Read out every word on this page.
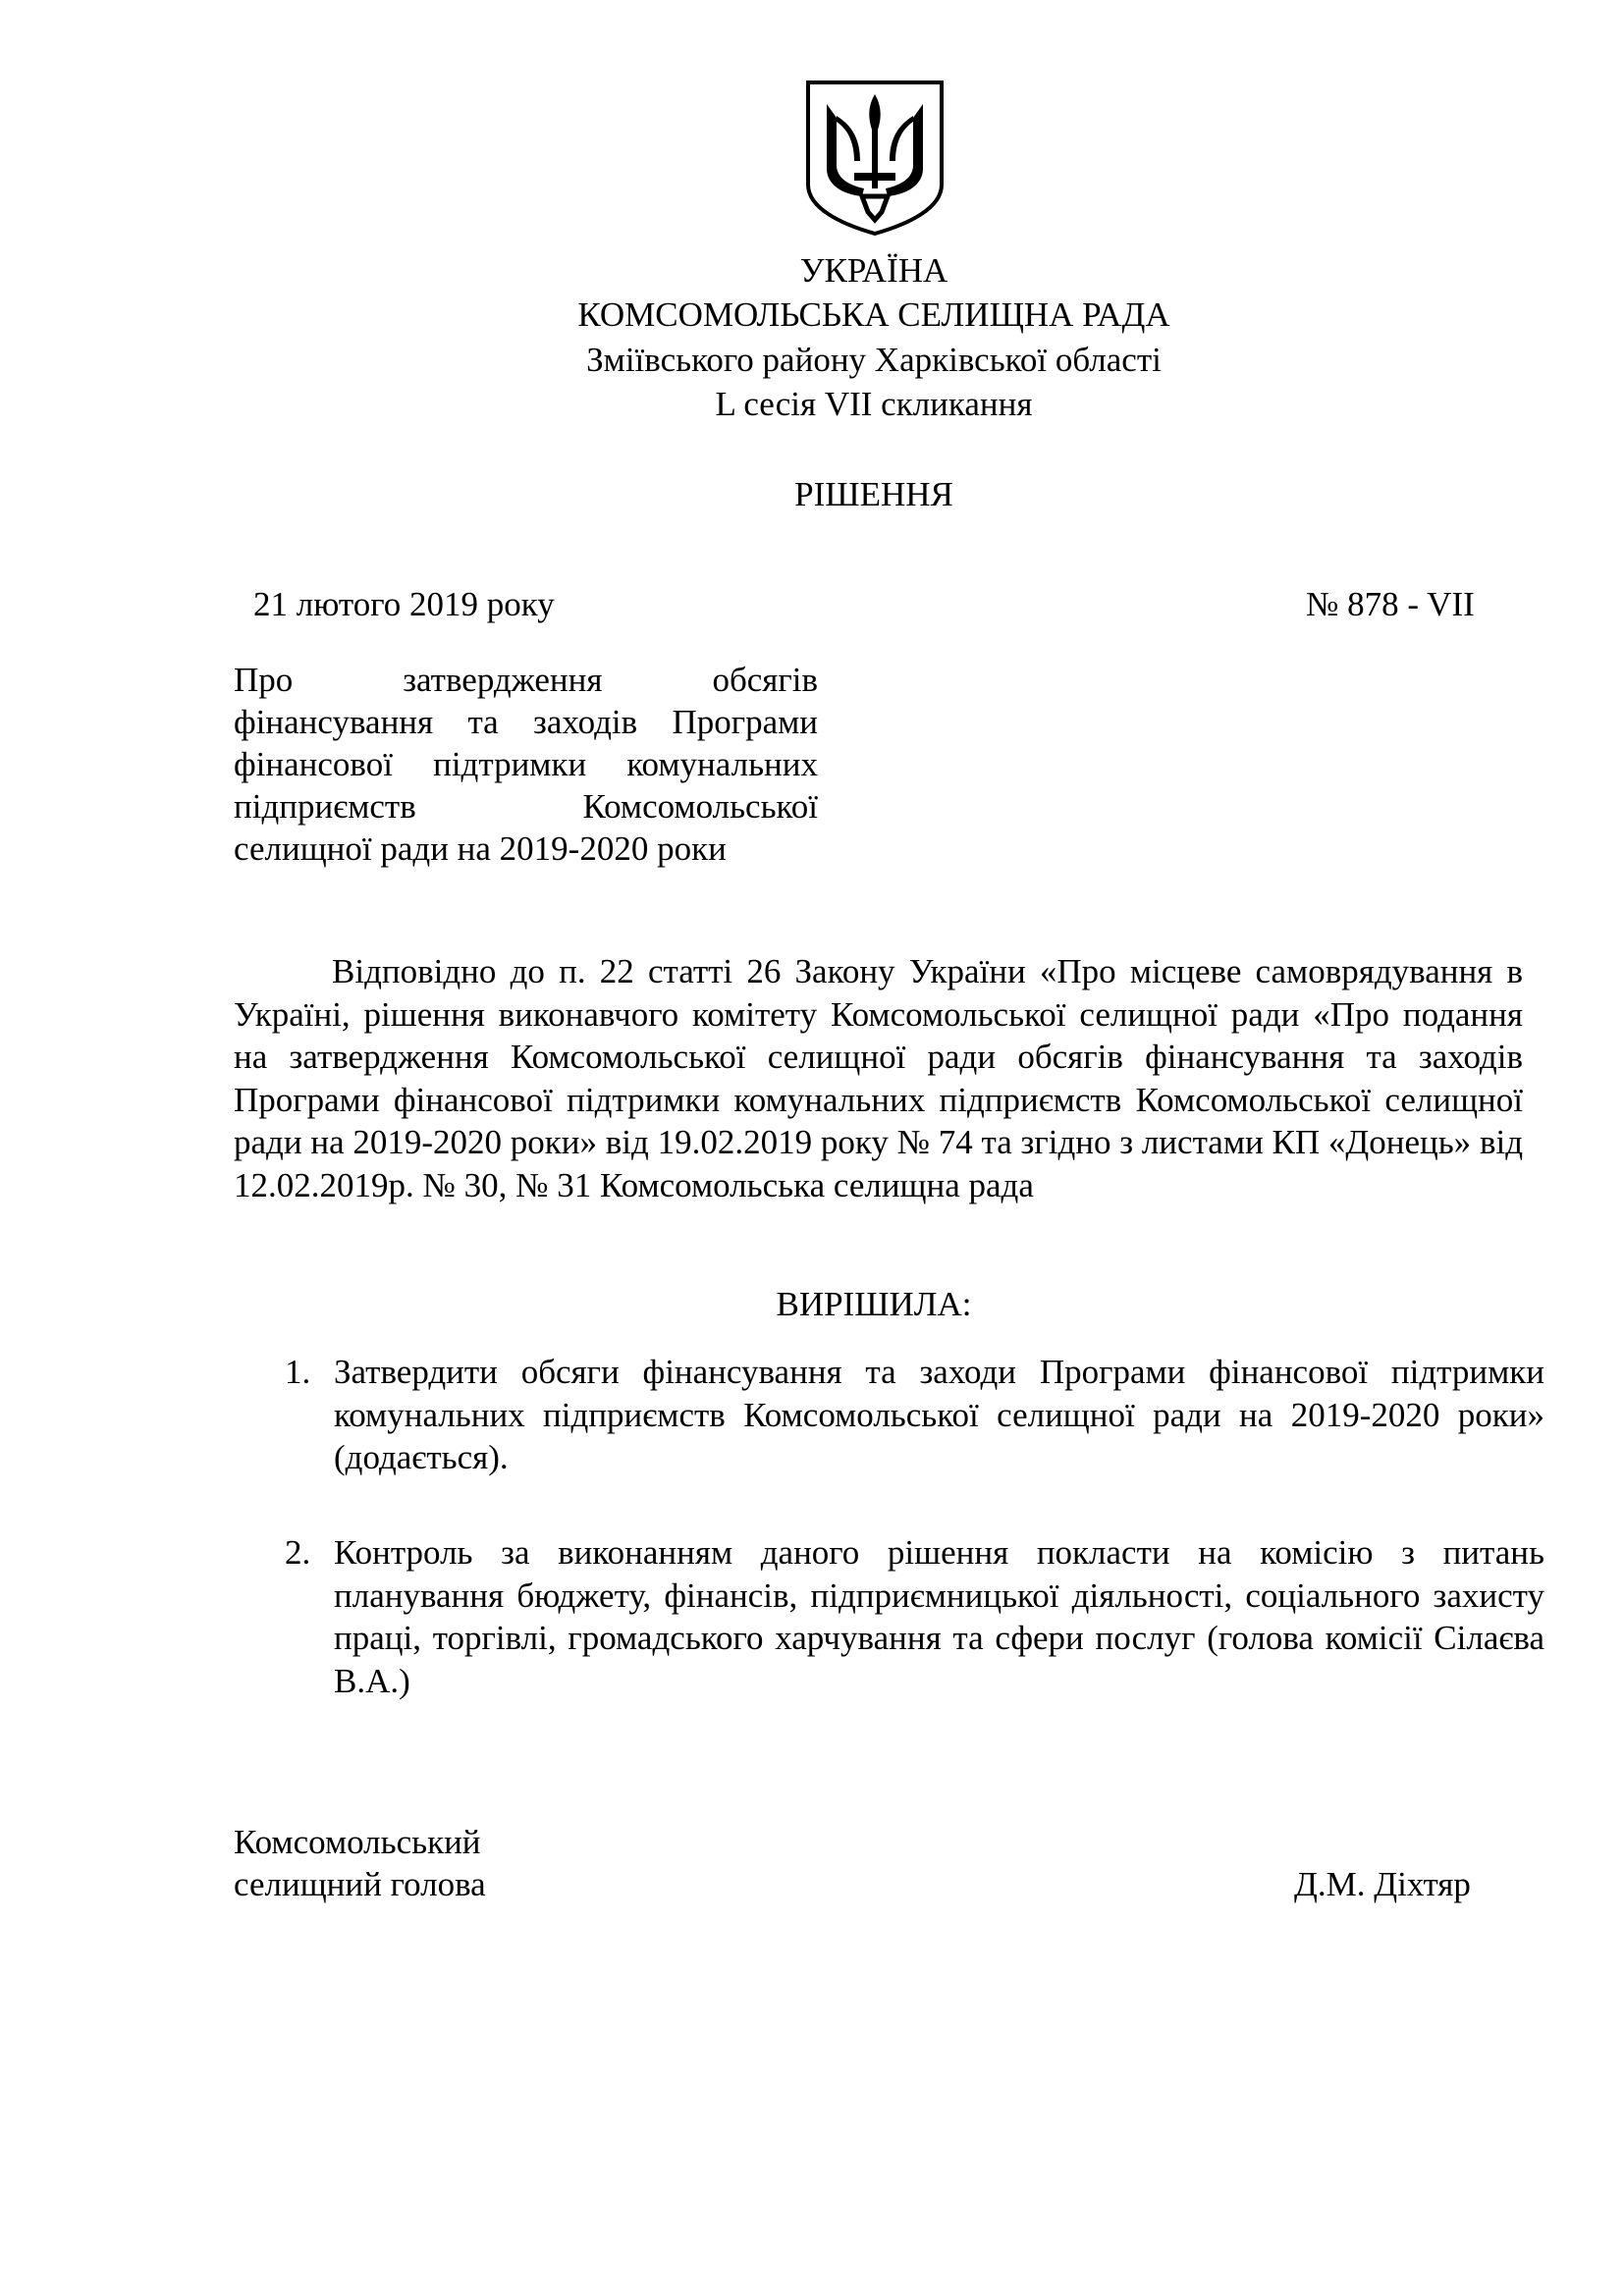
УКРАЇНА
КОМСОМОЛЬСЬКА СЕЛИЩНА РАДА
Зміївського району Харківської області
L сесія VII скликання
РІШЕННЯ
21 лютого 2019 року	№ 878 - VII
Про затвердження обсягів
фінансування та заходів Програми
фінансової підтримки комунальних
підприємств Комсомольської
селищної ради на 2019-2020 роки
Відповідно до п. 22 статті 26 Закону України «Про місцеве самоврядування в Україні, рішення виконавчого комітету Комсомольської селищної ради «Про подання на затвердження Комсомольської селищної ради обсягів фінансування та заходів Програми фінансової підтримки комунальних підприємств Комсомольської селищної ради на 2019-2020 роки» від 19.02.2019 року № 74 та згідно з листами КП «Донець» від 12.02.2019р. № 30, № 31 Комсомольська селищна рада
ВИРІШИЛА:
1. Затвердити обсяги фінансування та заходи Програми фінансової підтримки комунальних підприємств Комсомольської селищної ради на 2019-2020 роки» (додається).
2. Контроль за виконанням даного рішення покласти на комісію з питань планування бюджету, фінансів, підприємницької діяльності, соціального захисту праці, торгівлі, громадського харчування та сфери послуг (голова комісії Сілаєва В.А.)
Комсомольський
селищний голова	Д.М. Діхтяр
